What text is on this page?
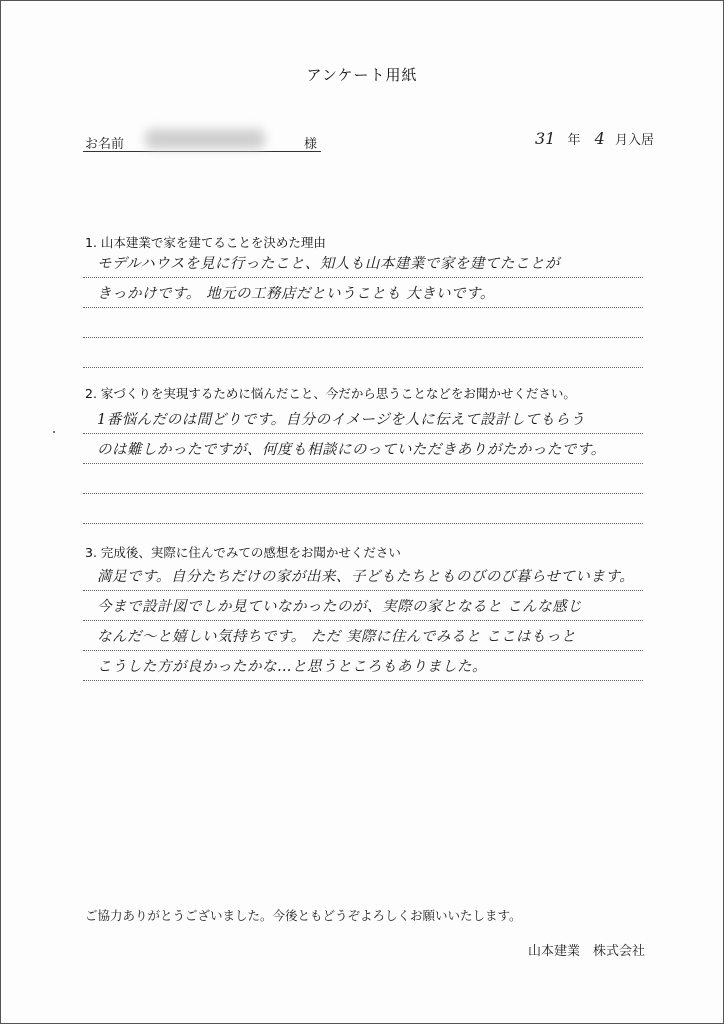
アンケート用紙
お名前	様	31 年 4 月入居
1. 山本建業で家を建てることを決めた理由
モデルハウスを見に行ったこと、知人も山本建業で家を建てたことが
きっかけです。 地元の工務店だということも 大きいです。
2. 家づくりを実現するために悩んだこと、今だから思うことなどをお聞かせください。
1番悩んだのは間どりです。自分のイメージを人に伝えて設計してもらう
のは難しかったですが、何度も相談にのっていただきありがたかったです。
3. 完成後、実際に住んでみての感想をお聞かせください
満足です。自分たちだけの家が出来、子どもたちとものびのび暮らせています。
今まで設計図でしか見ていなかったのが、実際の家となると こんな感じ
なんだ〜と嬉しい気持ちです。 ただ 実際に住んでみると ここはもっと
こうした方が良かったかな…と思うところもありました。
ご協力ありがとうございました。今後ともどうぞよろしくお願いいたします。
山本建業　株式会社
